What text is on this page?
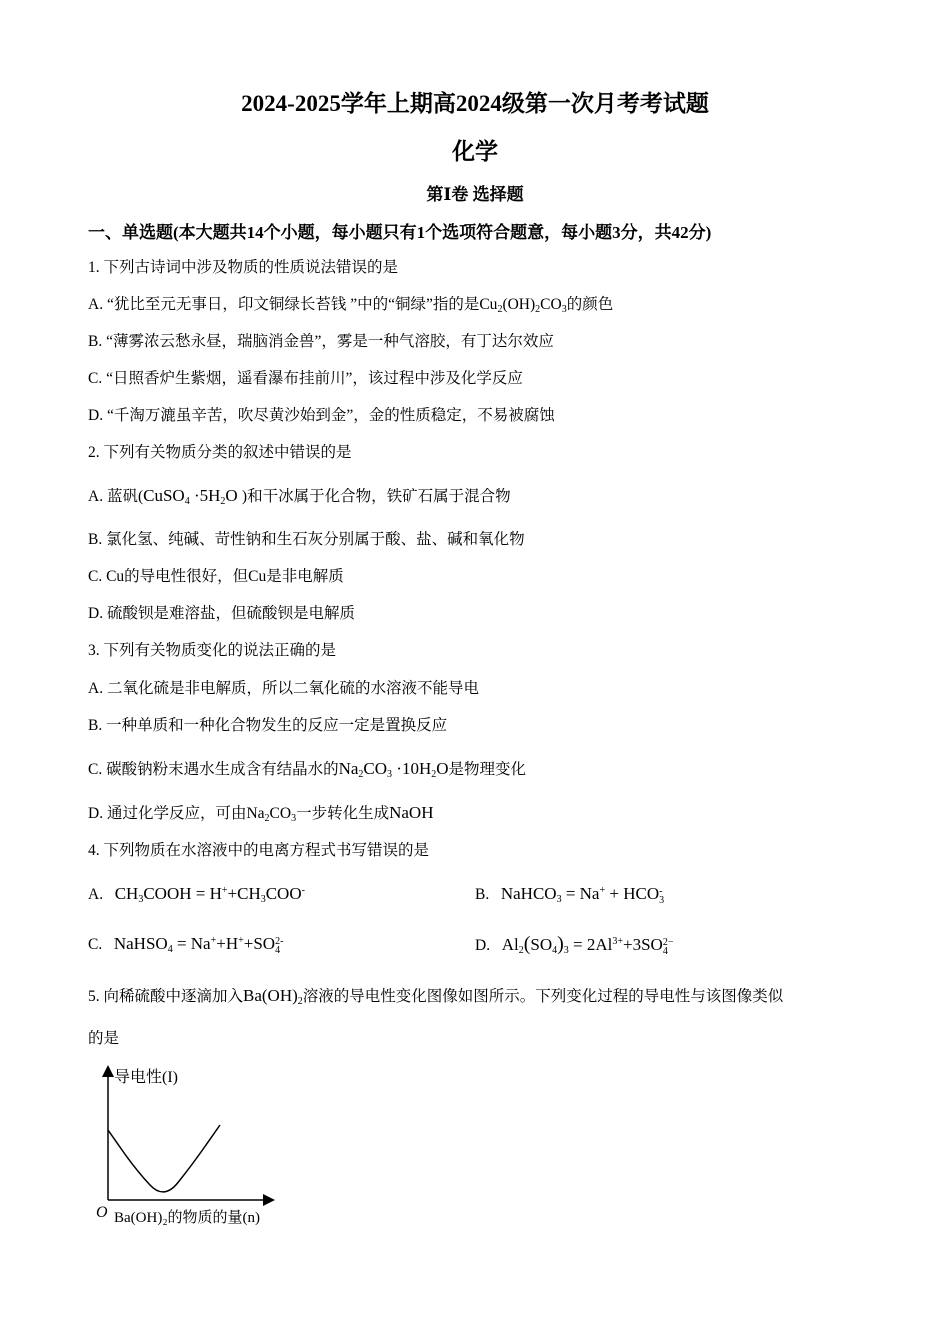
2024-2025学年上期高2024级第一次月考考试题
化学
第Ⅰ卷 选择题
一、单选题(本大题共14个小题，每小题只有1个选项符合题意，每小题3分，共42分)
1. 下列古诗词中涉及物质的性质说法错误的是
A. “犹比至元无事日，印文铜绿长苔钱 ”中的“铜绿”指的是$Cu_2(OH)_2CO_3$的颜色
B. “薄雾浓云愁永昼，瑞脑消金兽”，雾是一种气溶胶，有丁达尔效应
C. “日照香炉生紫烟，遥看瀑布挂前川”，该过程中涉及化学反应
D. “千淘万漉虽辛苦，吹尽黄沙始到金”，金的性质稳定，不易被腐蚀
2. 下列有关物质分类的叙述中错误的是
A. 蓝矾(CuSO$_4$ $\cdot 5H_2O$ )和干冰属于化合物，铁矿石属于混合物
B. 氯化氢、纯碱、苛性钠和生石灰分别属于酸、盐、碱和氧化物
C. Cu的导电性很好，但Cu是非电解质
D. 硫酸钡是难溶盐，但硫酸钡是电解质
3. 下列有关物质变化的说法正确的是
A. 二氧化硫是非电解质，所以二氧化硫的水溶液不能导电
B. 一种单质和一种化合物发生的反应一定是置换反应
C. 碳酸钠粉末遇水生成含有结晶水的$Na_2CO_3 \cdot 10H_2O$是物理变化
D. 通过化学反应，可由$Na_2CO_3$一步转化生成NaOH
4. 下列物质在水溶液中的电离方程式书写错误的是
A. $CH_3COOH = H^++CH_3COO^-$	B. NaHCO$_3$ = Na+ + HCO -
3
C. NaHSO$_4$ = Na++H++SO 2-
4	D. $Al_2(SO_4)_3 = 2Al^{3+}+3SO$ 2−
4
5. 向稀硫酸中逐滴加入$Ba(OH)_2$溶液的导电性变化图像如图所示。下列变化过程的导电性与该图像类似
的是
导电性(I)
O Ba(OH)₂的物质的量(n)
